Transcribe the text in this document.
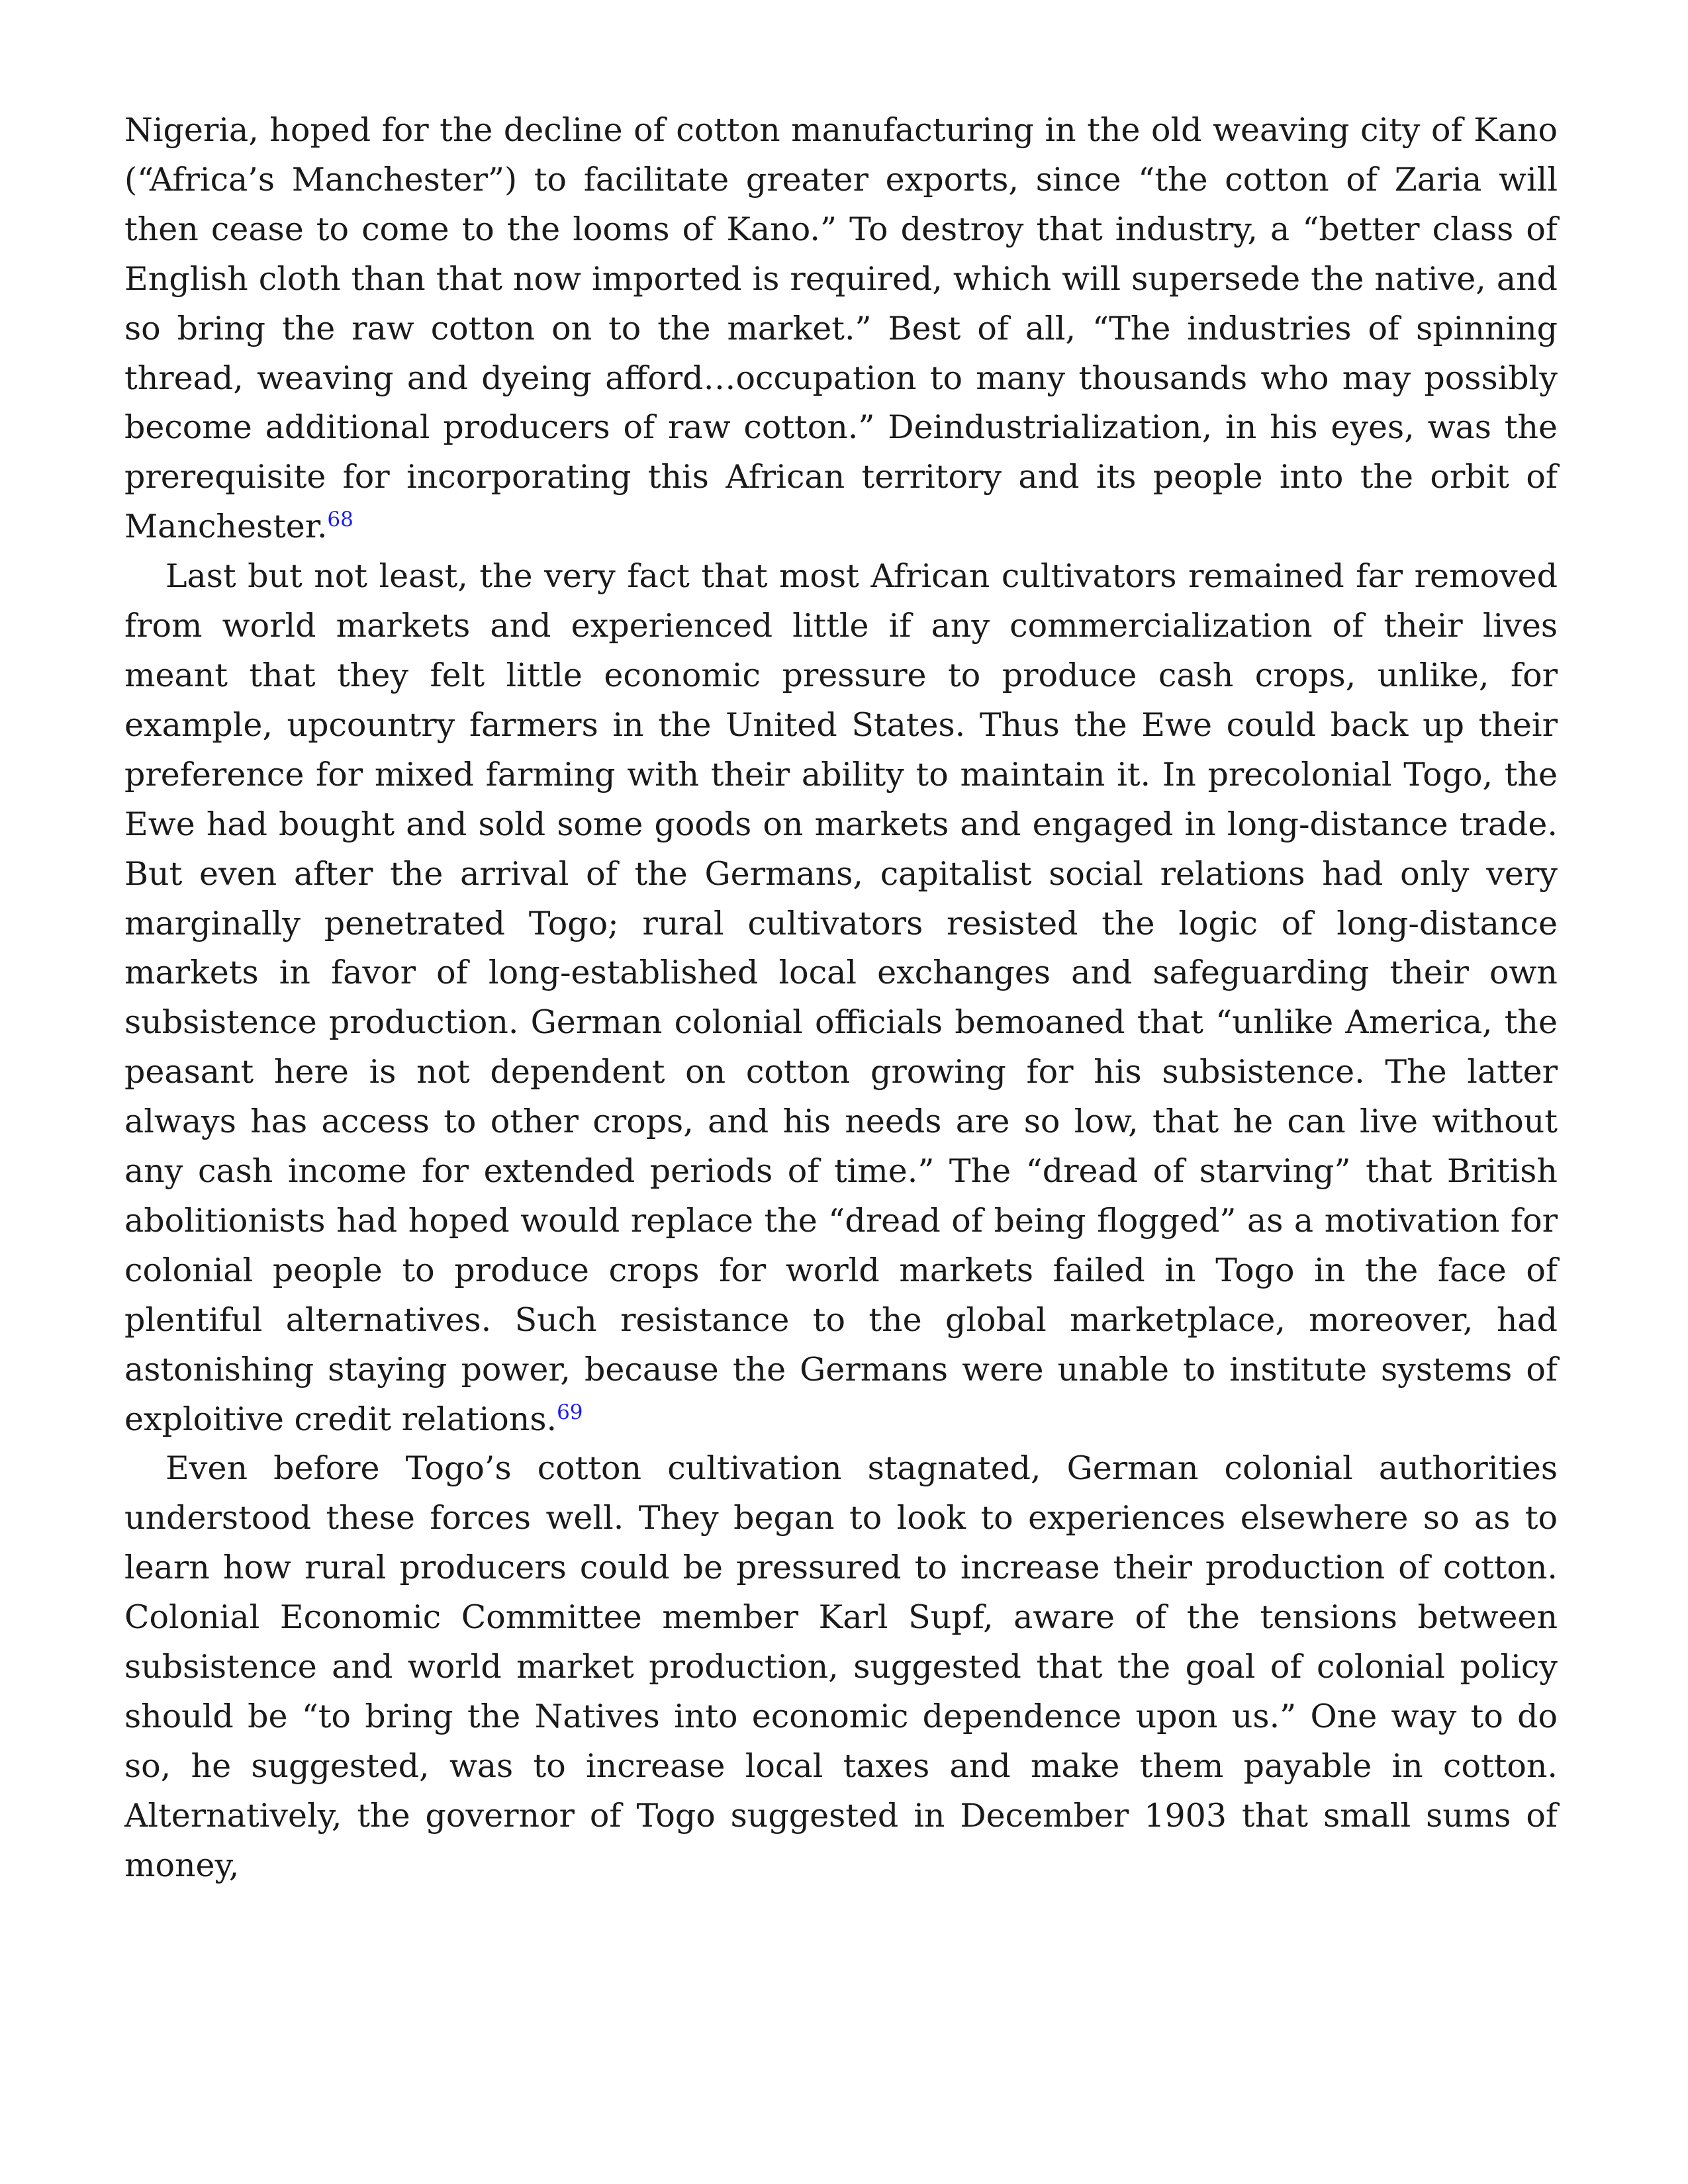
Nigeria, hoped for the decline of cotton manufacturing in the old weaving city of Kano (“Africa’s Manchester”) to facilitate greater exports, since “the cotton of Zaria will then cease to come to the looms of Kano.” To destroy that industry, a “better class of English cloth than that now imported is required, which will supersede the native, and so bring the raw cotton on to the market.” Best of all, “The industries of spinning thread, weaving and dyeing afford…occupation to many thousands who may possibly become additional producers of raw cotton.” Deindustrialization, in his eyes, was the prerequisite for incorporating this African territory and its people into the orbit of Manchester.$^{68}$

Last but not least, the very fact that most African cultivators remained far removed from world markets and experienced little if any commercialization of their lives meant that they felt little economic pressure to produce cash crops, unlike, for example, upcountry farmers in the United States. Thus the Ewe could back up their preference for mixed farming with their ability to maintain it. In precolonial Togo, the Ewe had bought and sold some goods on markets and engaged in long-distance trade. But even after the arrival of the Germans, capitalist social relations had only very marginally penetrated Togo; rural cultivators resisted the logic of long-distance markets in favor of long-established local exchanges and safeguarding their own subsistence production. German colonial officials bemoaned that “unlike America, the peasant here is not dependent on cotton growing for his subsistence. The latter always has access to other crops, and his needs are so low, that he can live without any cash income for extended periods of time.” The “dread of starving” that British abolitionists had hoped would replace the “dread of being flogged” as a motivation for colonial people to produce crops for world markets failed in Togo in the face of plentiful alternatives. Such resistance to the global marketplace, moreover, had astonishing staying power, because the Germans were unable to institute systems of exploitive credit relations.$^{69}$

Even before Togo’s cotton cultivation stagnated, German colonial authorities understood these forces well. They began to look to experiences elsewhere so as to learn how rural producers could be pressured to increase their production of cotton. Colonial Economic Committee member Karl Supf, aware of the tensions between subsistence and world market production, suggested that the goal of colonial policy should be “to bring the Natives into economic dependence upon us.” One way to do so, he suggested, was to increase local taxes and make them payable in cotton. Alternatively, the governor of Togo suggested in December 1903 that small sums of money,
